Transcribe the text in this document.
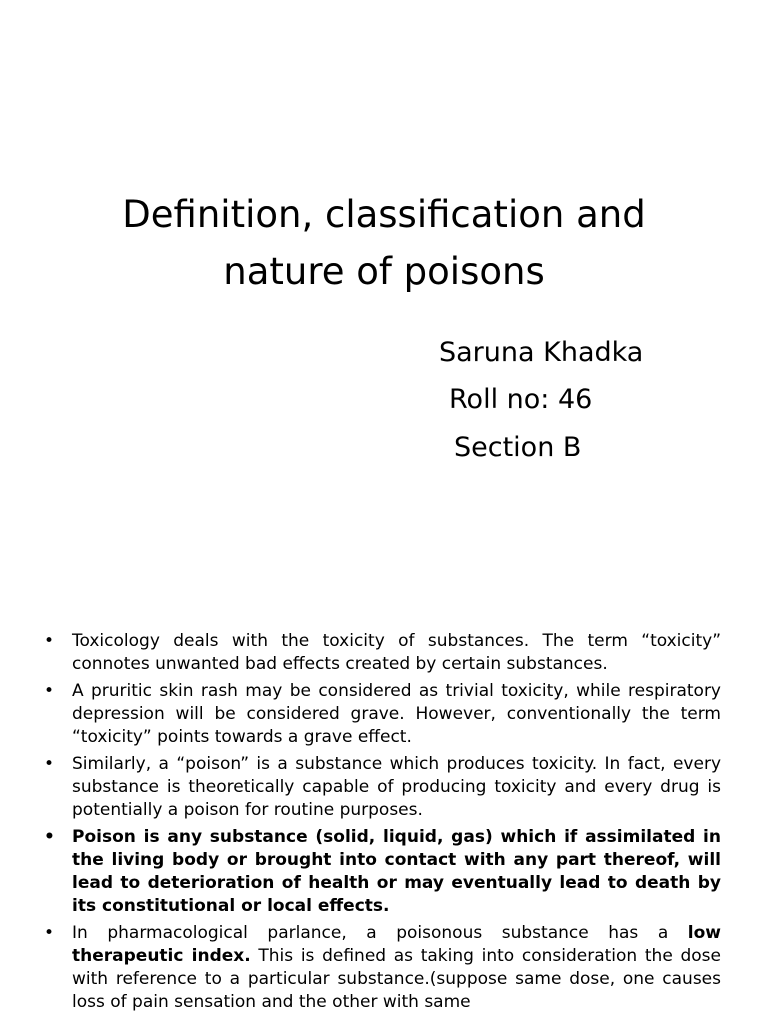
Definition, classification and
nature of poisons
Saruna Khadka
Roll no: 46
Section B
• Toxicology deals with the toxicity of substances. The term “toxicity” connotes unwanted bad effects created by certain substances.
• A pruritic skin rash may be considered as trivial toxicity, while respiratory depression will be considered grave. However, conventionally the term “toxicity” points towards a grave effect.
• Similarly, a “poison” is a substance which produces toxicity. In fact, every substance is theoretically capable of producing toxicity and every drug is potentially a poison for routine purposes.
• Poison is any substance (solid, liquid, gas) which if assimilated in the living body or brought into contact with any part thereof, will lead to deterioration of health or may eventually lead to death by its constitutional or local effects.
• In pharmacological parlance, a poisonous substance has a low therapeutic index. This is defined as taking into consideration the dose with reference to a particular substance.(suppose same dose, one causes loss of pain sensation and the other with same
